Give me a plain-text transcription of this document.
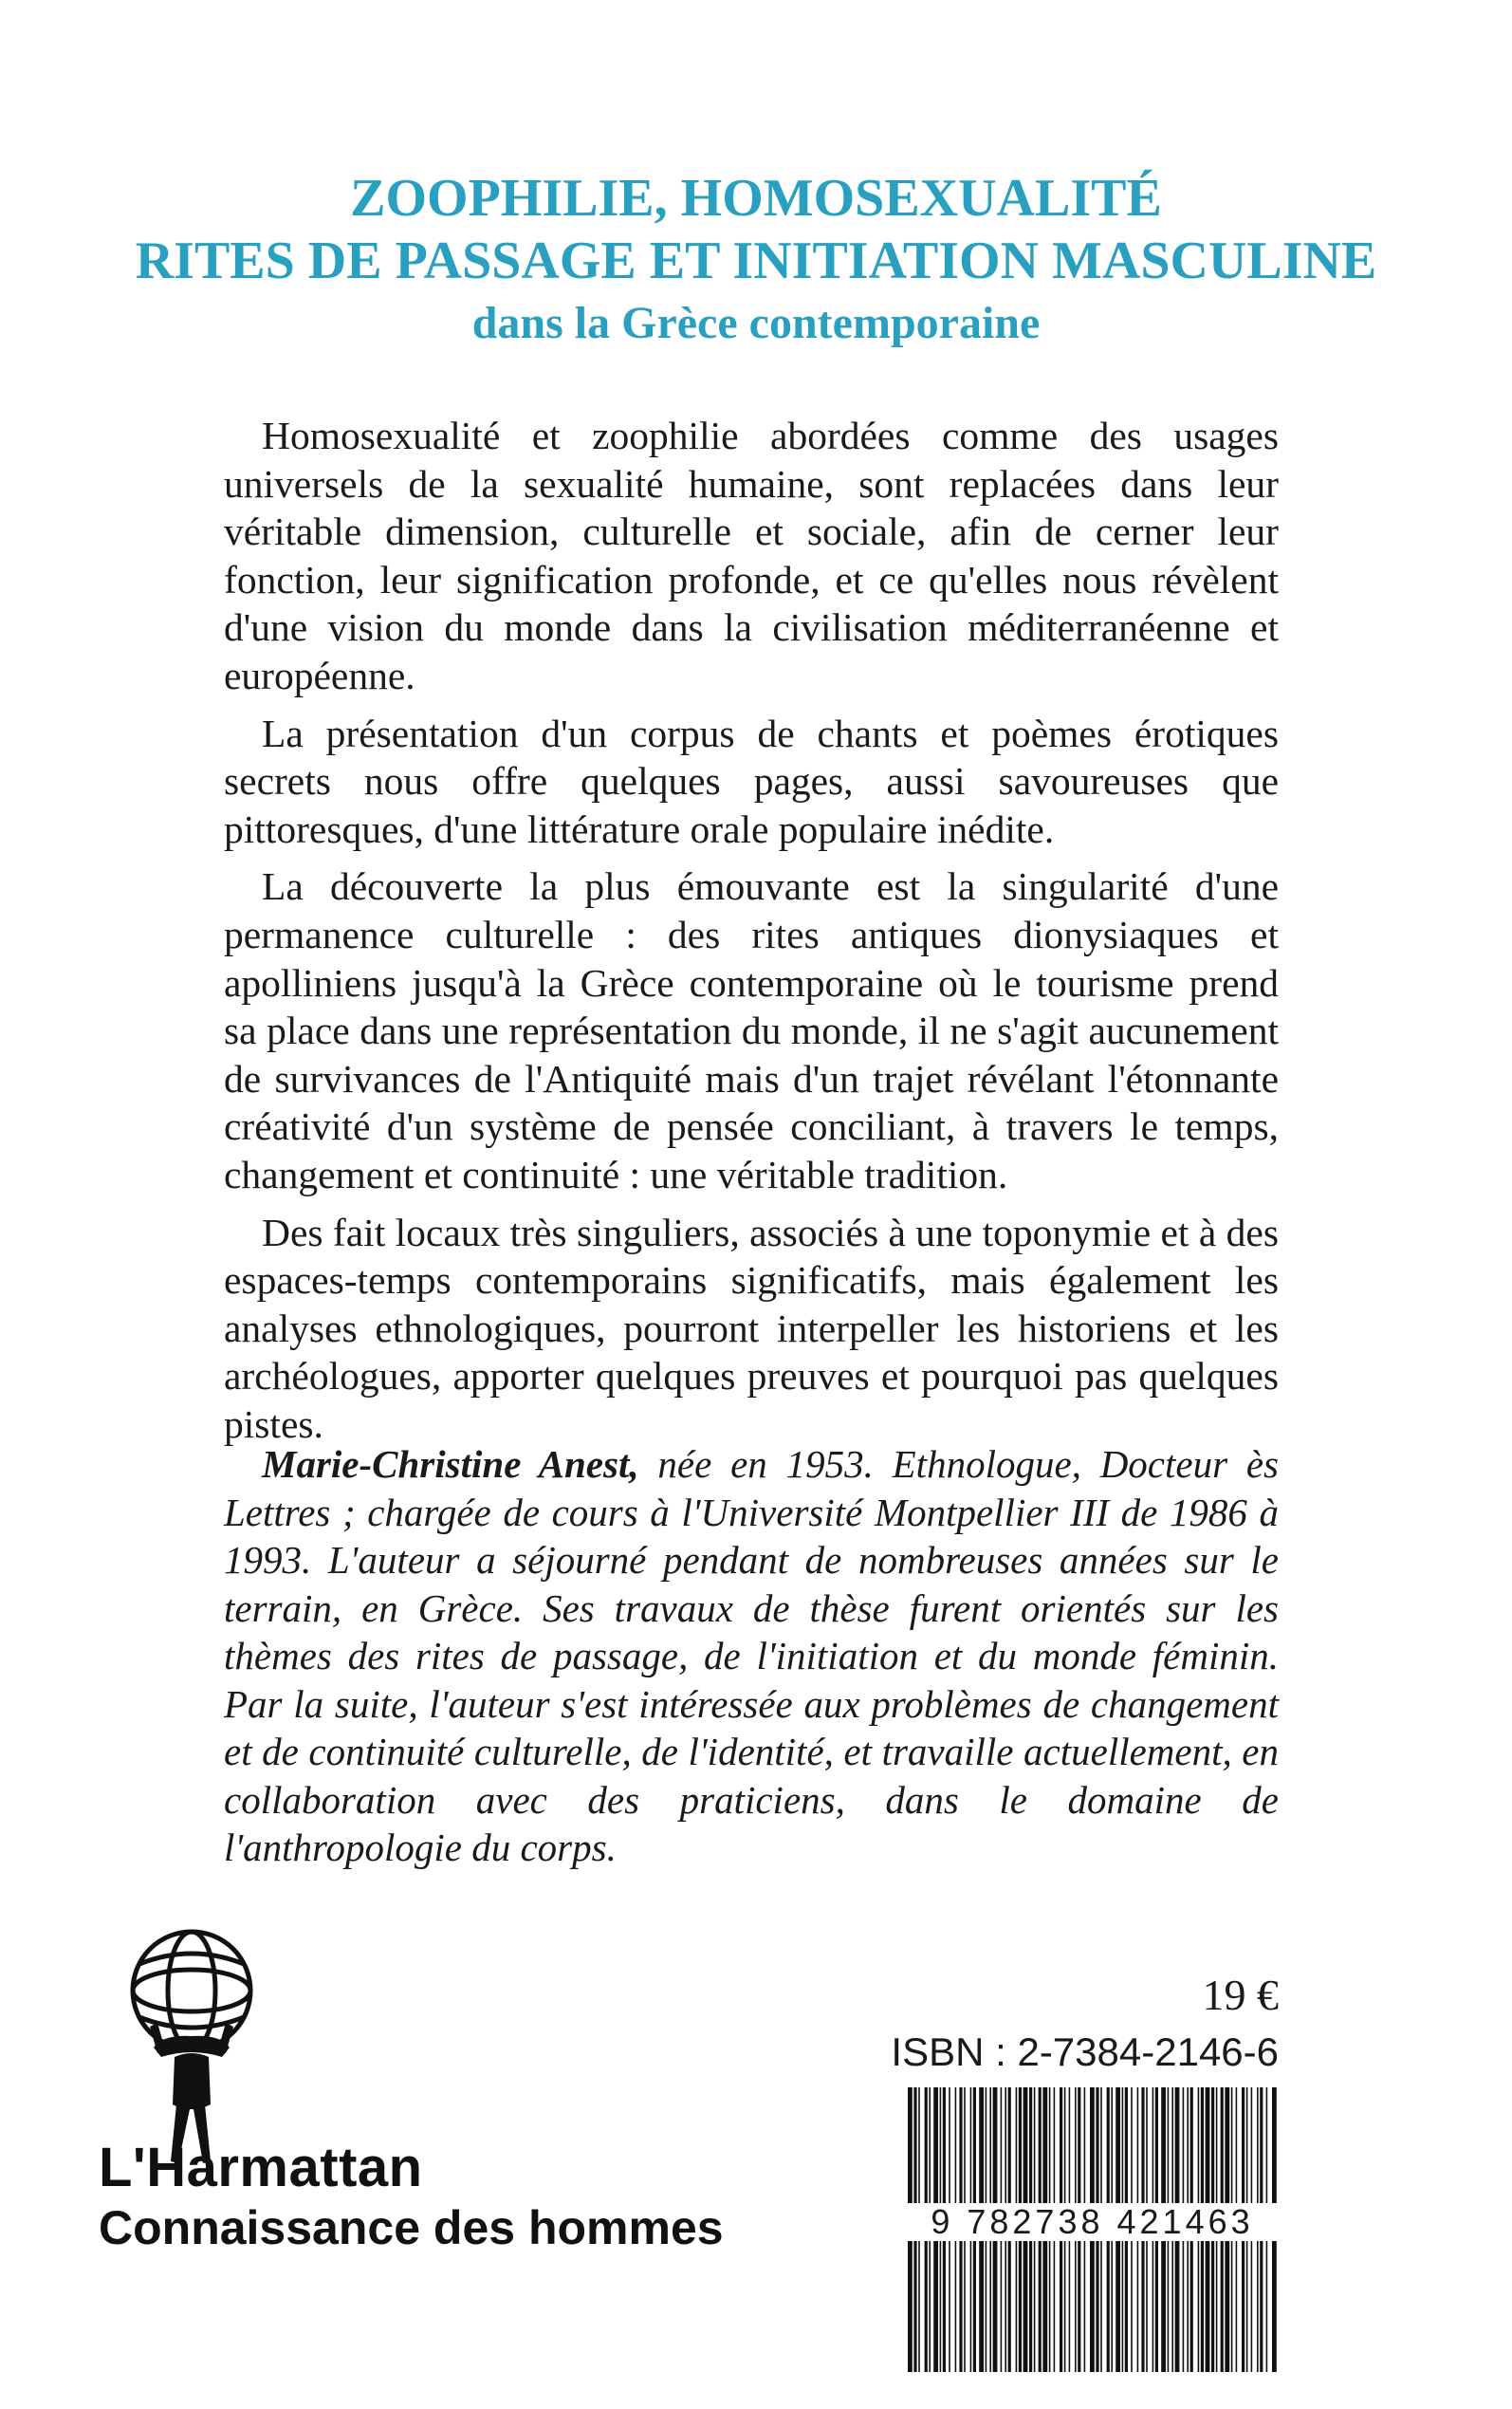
ZOOPHILIE, HOMOSEXUALITÉ
RITES DE PASSAGE ET INITIATION MASCULINE
dans la Grèce contemporaine

Homosexualité et zoophilie abordées comme des usages universels de la sexualité humaine, sont replacées dans leur véritable dimension, culturelle et sociale, afin de cerner leur fonction, leur signification profonde, et ce qu'elles nous révèlent d'une vision du monde dans la civilisation méditerranéenne et européenne.

La présentation d'un corpus de chants et poèmes érotiques secrets nous offre quelques pages, aussi savoureuses que pittoresques, d'une littérature orale populaire inédite.

La découverte la plus émouvante est la singularité d'une permanence culturelle : des rites antiques dionysiaques et apolliniens jusqu'à la Grèce contemporaine où le tourisme prend sa place dans une représentation du monde, il ne s'agit aucunement de survivances de l'Antiquité mais d'un trajet révélant l'étonnante créativité d'un système de pensée conciliant, à travers le temps, changement et continuité : une véritable tradition.

Des fait locaux très singuliers, associés à une toponymie et à des espaces-temps contemporains significatifs, mais également les analyses ethnologiques, pourront interpeller les historiens et les archéologues, apporter quelques preuves et pourquoi pas quelques pistes.

Marie-Christine Anest, née en 1953. Ethnologue, Docteur ès Lettres ; chargée de cours à l'Université Montpellier III de 1986 à 1993. L'auteur a séjourné pendant de nombreuses années sur le terrain, en Grèce. Ses travaux de thèse furent orientés sur les thèmes des rites de passage, de l'initiation et du monde féminin. Par la suite, l'auteur s'est intéressée aux problèmes de changement et de continuité culturelle, de l'identité, et travaille actuellement, en collaboration avec des praticiens, dans le domaine de l'anthropologie du corps.
L'Harmattan
Connaissance des hommes
19 €
ISBN : 2-7384-2146-6
9 782738 421463
